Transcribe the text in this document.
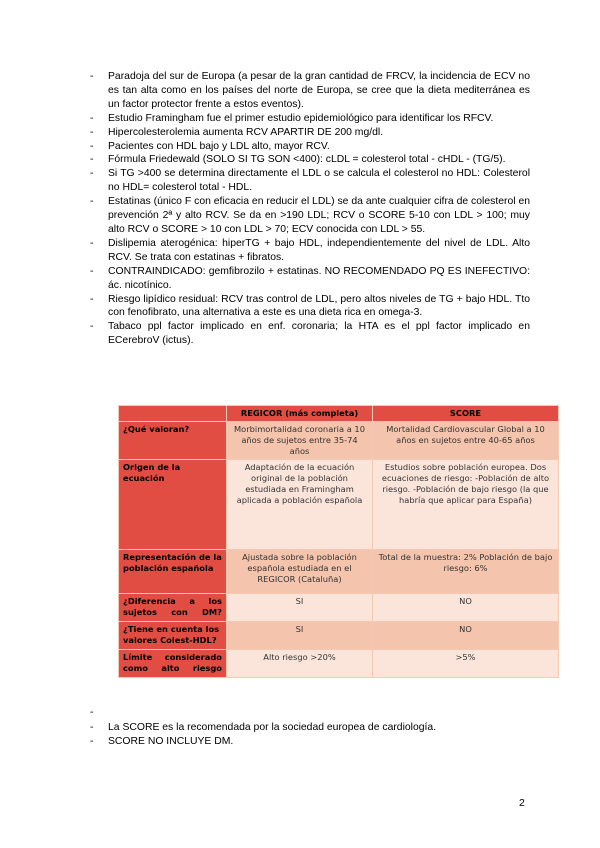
- Paradoja del sur de Europa (a pesar de la gran cantidad de FRCV, la incidencia de ECV no es tan alta como en los países del norte de Europa, se cree que la dieta mediterránea es un factor protector frente a estos eventos).
- Estudio Framingham fue el primer estudio epidemiológico para identificar los RFCV.
- Hipercolesterolemia aumenta RCV APARTIR DE 200 mg/dl.
- Pacientes con HDL bajo y LDL alto, mayor RCV.
- Fórmula Friedewald (SOLO SI TG SON <400): cLDL = colesterol total - cHDL - (TG/5).
- Si TG >400 se determina directamente el LDL o se calcula el colesterol no HDL: Colesterol no HDL= colesterol total - HDL.
- Estatinas (único F con eficacia en reducir el LDL) se da ante cualquier cifra de colesterol en prevención 2ª y alto RCV. Se da en >190 LDL; RCV o SCORE 5-10 con LDL > 100; muy alto RCV o SCORE > 10 con LDL > 70; ECV conocida con LDL > 55.
- Dislipemia aterogénica: hiperTG + bajo HDL, independientemente del nivel de LDL. Alto RCV. Se trata con estatinas + fibratos.
- CONTRAINDICADO: gemfibrozilo + estatinas. NO RECOMENDADO PQ ES INEFECTIVO: ác. nicotínico.
- Riesgo lipídico residual: RCV tras control de LDL, pero altos niveles de TG + bajo HDL. Tto con fenofibrato, una alternativa a este es una dieta rica en omega-3.
- Tabaco ppl factor implicado en enf. coronaria; la HTA es el ppl factor implicado en ECerebroV (ictus).
	REGICOR (más completa)	SCORE
¿Qué valoran?	Morbimortalidad coronaria a 10 años de sujetos entre 35-74 años	Mortalidad Cardiovascular Global a 10 años en sujetos entre 40-65 años
Origen de la ecuación	Adaptación de la ecuación original de la población estudiada en Framingham aplicada a población española	Estudios sobre población europea. Dos ecuaciones de riesgo: -Población de alto riesgo. -Población de bajo riesgo (la que habría que aplicar para España)
Representación de la población española	Ajustada sobre la población española estudiada en el REGICOR (Cataluña)	Total de la muestra: 2% Población de bajo riesgo: 6%
¿Diferencia a los sujetos con DM?	SI	NO
¿Tiene en cuenta los valores Colest-HDL?	SI	NO
Límite considerado como alto riesgo	Alto riesgo >20%	>5%
-
- La SCORE es la recomendada por la sociedad europea de cardiología.
- SCORE NO INCLUYE DM.
2
